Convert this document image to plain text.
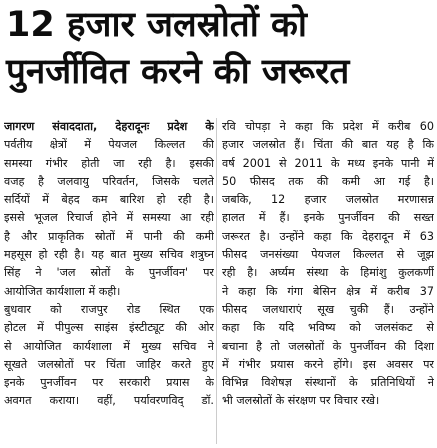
12 हजार जलस्रोतों को
पुनर्जीवित करने की जरूरत
जागरण संवाददाता, देहरादूनः प्रदेश के
पर्वतीय क्षेत्रों में पेयजल किल्लत की
समस्या गंभीर होती जा रही है। इसकी
वजह है जलवायु परिवर्तन, जिसके चलते
सर्दियों में बेहद कम बारिश हो रही है।
इससे भूजल रिचार्ज होने में समस्या आ रही
है और प्राकृतिक स्रोतों में पानी की कमी
महसूस हो रही है। यह बात मुख्य सचिव शत्रुघ्न
सिंह ने 'जल स्रोतों के पुनर्जीवन' पर
आयोजित कार्यशाला में कही।
बुधवार को राजपुर रोड स्थित एक
होटल में पीपुल्स साइंस इंस्टीट्यूट की ओर
से आयोजित कार्यशाला में मुख्य सचिव ने
सूखते जलस्रोतों पर चिंता जाहिर करते हुए
इनके पुनर्जीवन पर सरकारी प्रयास के
अवगत कराया। वहीं, पर्यावरणविद् डॉ.
रवि चोपड़ा ने कहा कि प्रदेश में करीब 60
हजार जलस्रोत हैं। चिंता की बात यह है कि
वर्ष 2001 से 2011 के मध्य इनके पानी में
50 फीसद तक की कमी आ गई है।
जबकि, 12 हजार जलस्रोत मरणासन्न
हालत में हैं। इनके पुनर्जीवन की सख्त
जरूरत है। उन्होंने कहा कि देहरादून में 63
फीसद जनसंख्या पेयजल किल्लत से जूझ
रही है। अर्घ्यम संस्था के हिमांशु कुलकर्णी
ने कहा कि गंगा बेसिन क्षेत्र में करीब 37
फीसद जलधाराएं सूख चुकी हैं। उन्होंने
कहा कि यदि भविष्य को जलसंकट से
बचाना है तो जलस्रोतों के पुनर्जीवन की दिशा
में गंभीर प्रयास करने होंगे। इस अवसर पर
विभिन्न विशेषज्ञ संस्थानों के प्रतिनिधियों ने
भी जलस्रोतों के संरक्षण पर विचार रखे।
